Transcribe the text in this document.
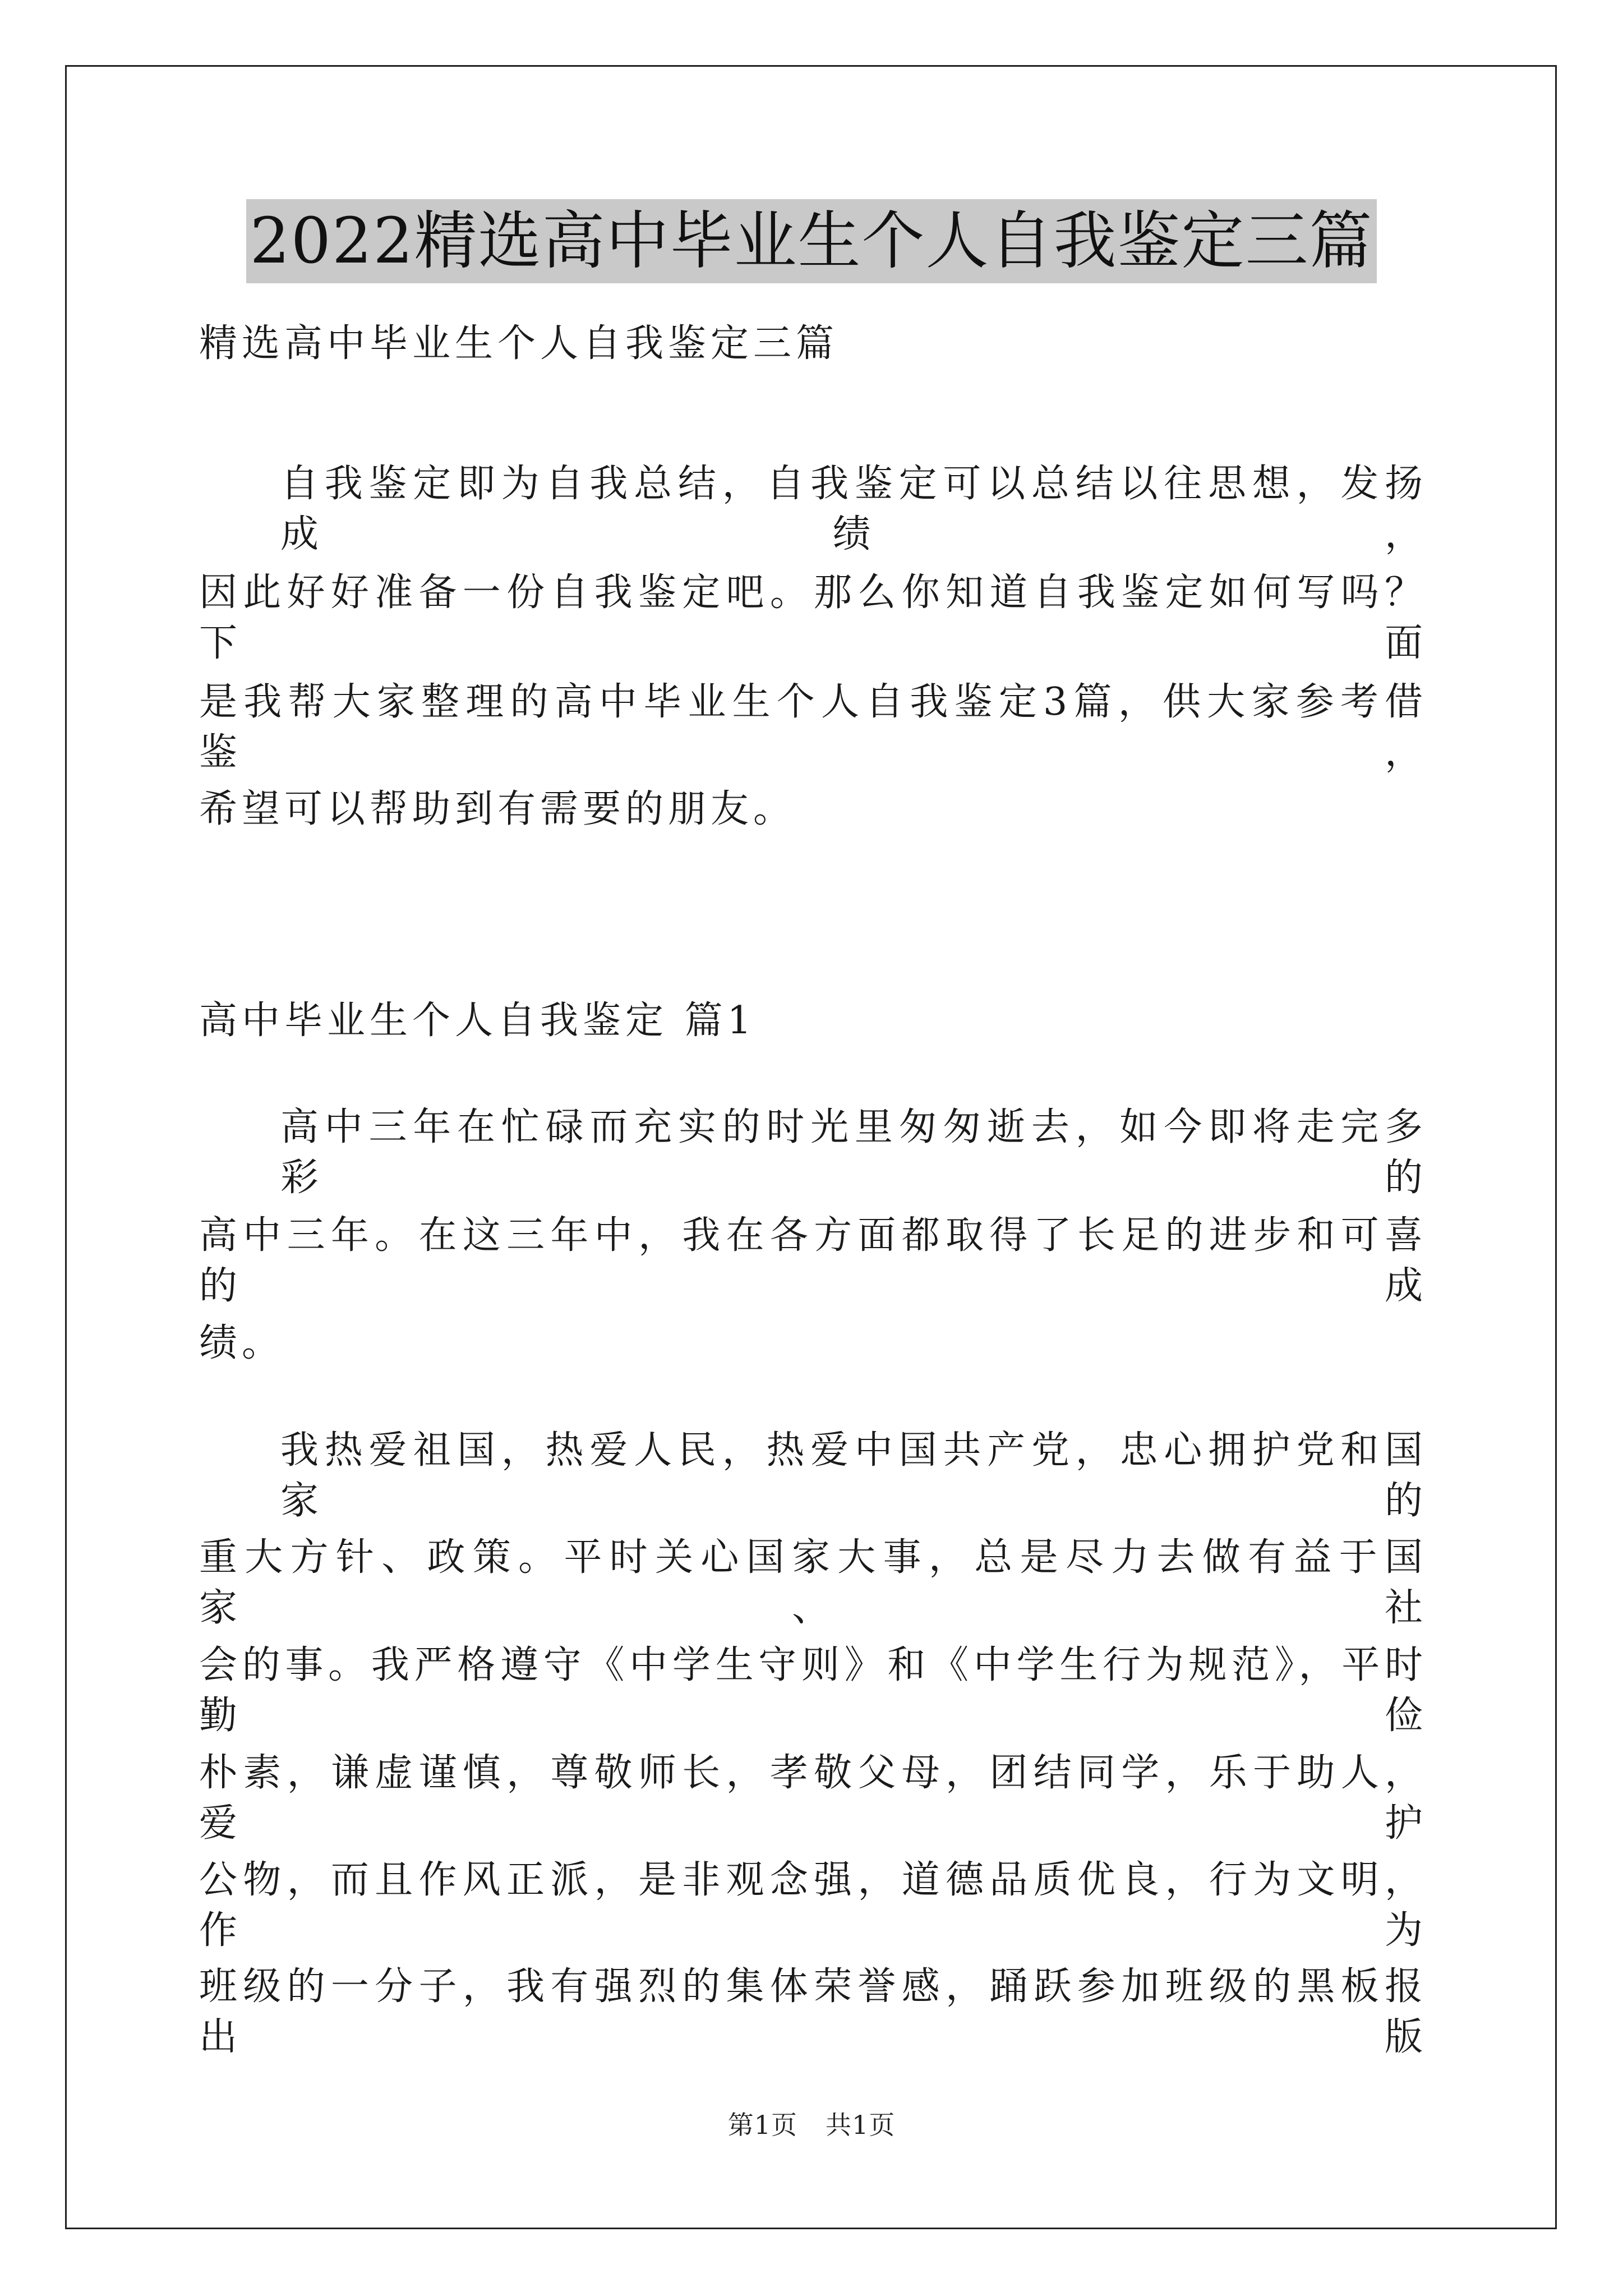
2022精选高中毕业生个人自我鉴定三篇
精选高中毕业生个人自我鉴定三篇
自我鉴定即为自我总结，自我鉴定可以总结以往思想，发扬成绩，
因此好好准备一份自我鉴定吧。那么你知道自我鉴定如何写吗？下面
是我帮大家整理的高中毕业生个人自我鉴定3篇，供大家参考借鉴，
希望可以帮助到有需要的朋友。
高中毕业生个人自我鉴定 篇1
高中三年在忙碌而充实的时光里匆匆逝去，如今即将走完多彩的
高中三年。在这三年中，我在各方面都取得了长足的进步和可喜的成
绩。
我热爱祖国，热爱人民，热爱中国共产党，忠心拥护党和国家的
重大方针、政策。平时关心国家大事，总是尽力去做有益于国家、社
会的事。我严格遵守《中学生守则》和《中学生行为规范》，平时勤俭
朴素，谦虚谨慎，尊敬师长，孝敬父母，团结同学，乐于助人，爱护
公物，而且作风正派，是非观念强，道德品质优良，行为文明，作为
班级的一分子，我有强烈的集体荣誉感，踊跃参加班级的黑板报出版
第1页 共1页
